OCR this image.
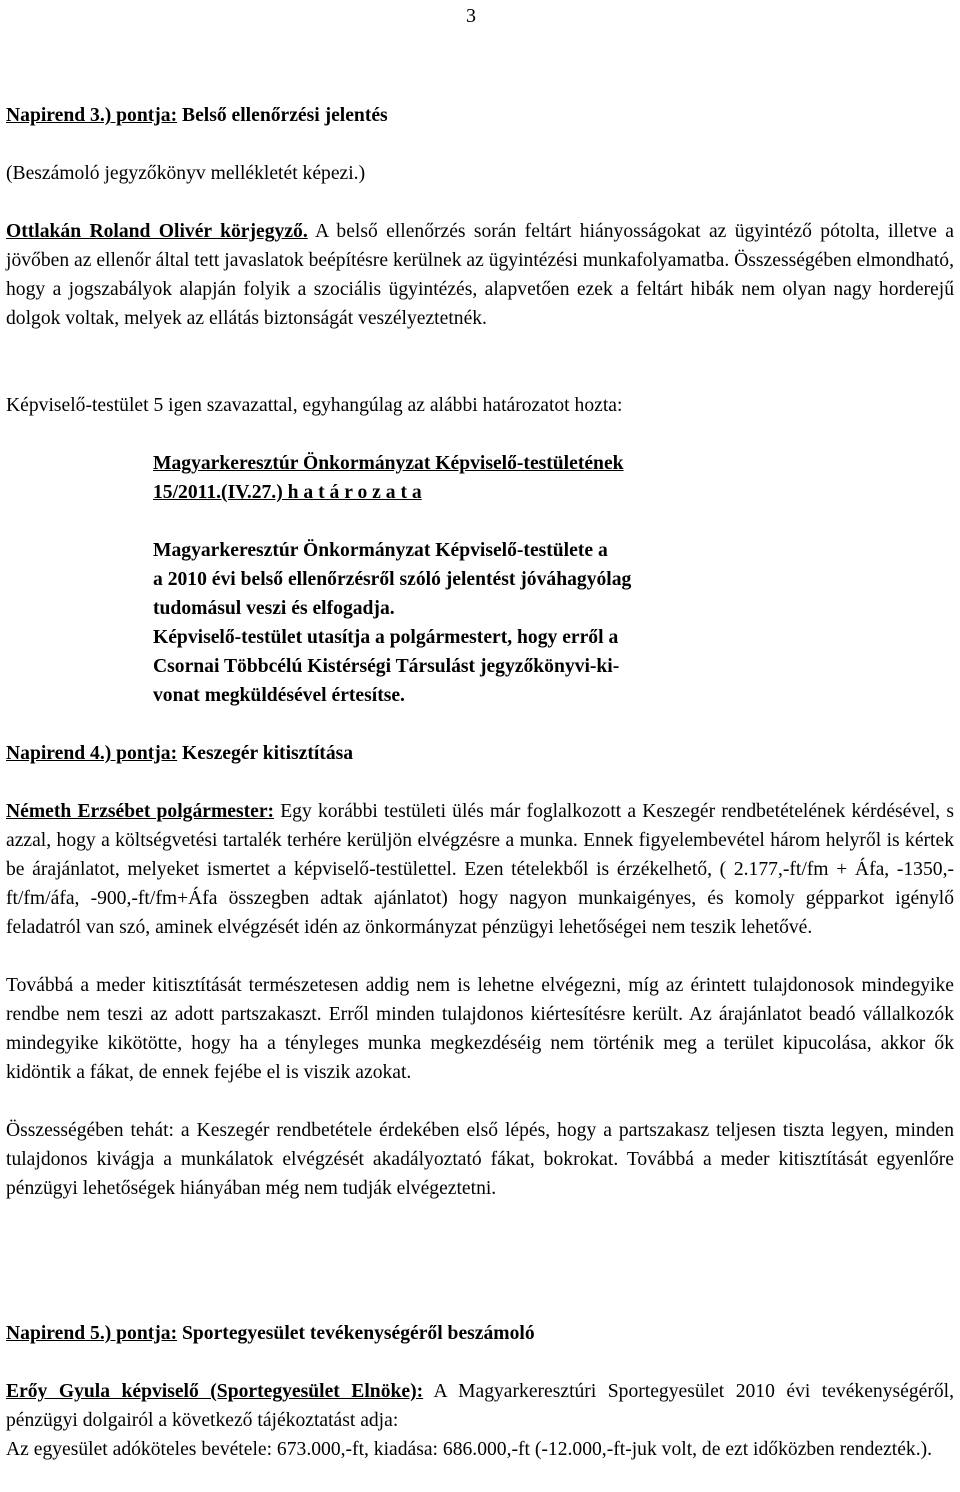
3

Napirend 3.) pontja: Belső ellenőrzési jelentés

(Beszámoló jegyzőkönyv mellékletét képezi.)

Ottlakán Roland Olivér körjegyző. A belső ellenőrzés során feltárt hiányosságokat az ügyintéző pótolta, illetve a jövőben az ellenőr által tett javaslatok beépítésre kerülnek az ügyintézési munkafolyamatba. Összességében elmondható, hogy a jogszabályok alapján folyik a szociális ügyintézés, alapvetően ezek a feltárt hibák nem olyan nagy horderejű dolgok voltak, melyek az ellátás biztonságát veszélyeztetnék.

Képviselő-testület 5 igen szavazattal, egyhangúlag az alábbi határozatot hozta:

Magyarkeresztúr Önkormányzat Képviselő-testületének

15/2011.(IV.27.) h a t á r o z a t a

Magyarkeresztúr Önkormányzat Képviselő-testülete a

a 2010 évi belső ellenőrzésről szóló jelentést jóváhagyólag

tudomásul veszi és elfogadja.

Képviselő-testület utasítja a polgármestert, hogy erről a

Csornai Többcélú Kistérségi Társulást jegyzőkönyvi-ki-

vonat megküldésével értesítse.

Napirend 4.) pontja: Keszegér kitisztítása

Németh Erzsébet polgármester: Egy korábbi testületi ülés már foglalkozott a Keszegér rendbetételének kérdésével, s azzal, hogy a költségvetési tartalék terhére kerüljön elvégzésre a munka. Ennek figyelembevétel három helyről is kértek be árajánlatot, melyeket ismertet a képviselő-testülettel. Ezen tételekből is érzékelhető, ( 2.177,-ft/fm + Áfa, -1350,-ft/fm/áfa, -900,-ft/fm+Áfa összegben adtak ajánlatot) hogy nagyon munkaigényes, és komoly gépparkot igénylő feladatról van szó, aminek elvégzését idén az önkormányzat pénzügyi lehetőségei nem teszik lehetővé.

Továbbá a meder kitisztítását természetesen addig nem is lehetne elvégezni, míg az érintett tulajdonosok mindegyike rendbe nem teszi az adott partszakaszt. Erről minden tulajdonos kiértesítésre került. Az árajánlatot beadó vállalkozók mindegyike kikötötte, hogy ha a tényleges munka megkezdéséig nem történik meg a terület kipucolása, akkor ők kidöntik a fákat, de ennek fejébe el is viszik azokat.

Összességében tehát: a Keszegér rendbetétele érdekében első lépés, hogy a partszakasz teljesen tiszta legyen, minden tulajdonos kivágja a munkálatok elvégzését akadályoztató fákat, bokrokat. Továbbá a meder kitisztítását egyenlőre pénzügyi lehetőségek hiányában még nem tudják elvégeztetni.

Napirend 5.) pontja: Sportegyesület tevékenységéről beszámoló

Erőy Gyula képviselő (Sportegyesület Elnöke): A Magyarkeresztúri Sportegyesület 2010 évi tevékenységéről, pénzügyi dolgairól a következő tájékoztatást adja:

Az egyesület adóköteles bevétele: 673.000,-ft, kiadása: 686.000,-ft (-12.000,-ft-juk volt, de ezt időközben rendezték.).
